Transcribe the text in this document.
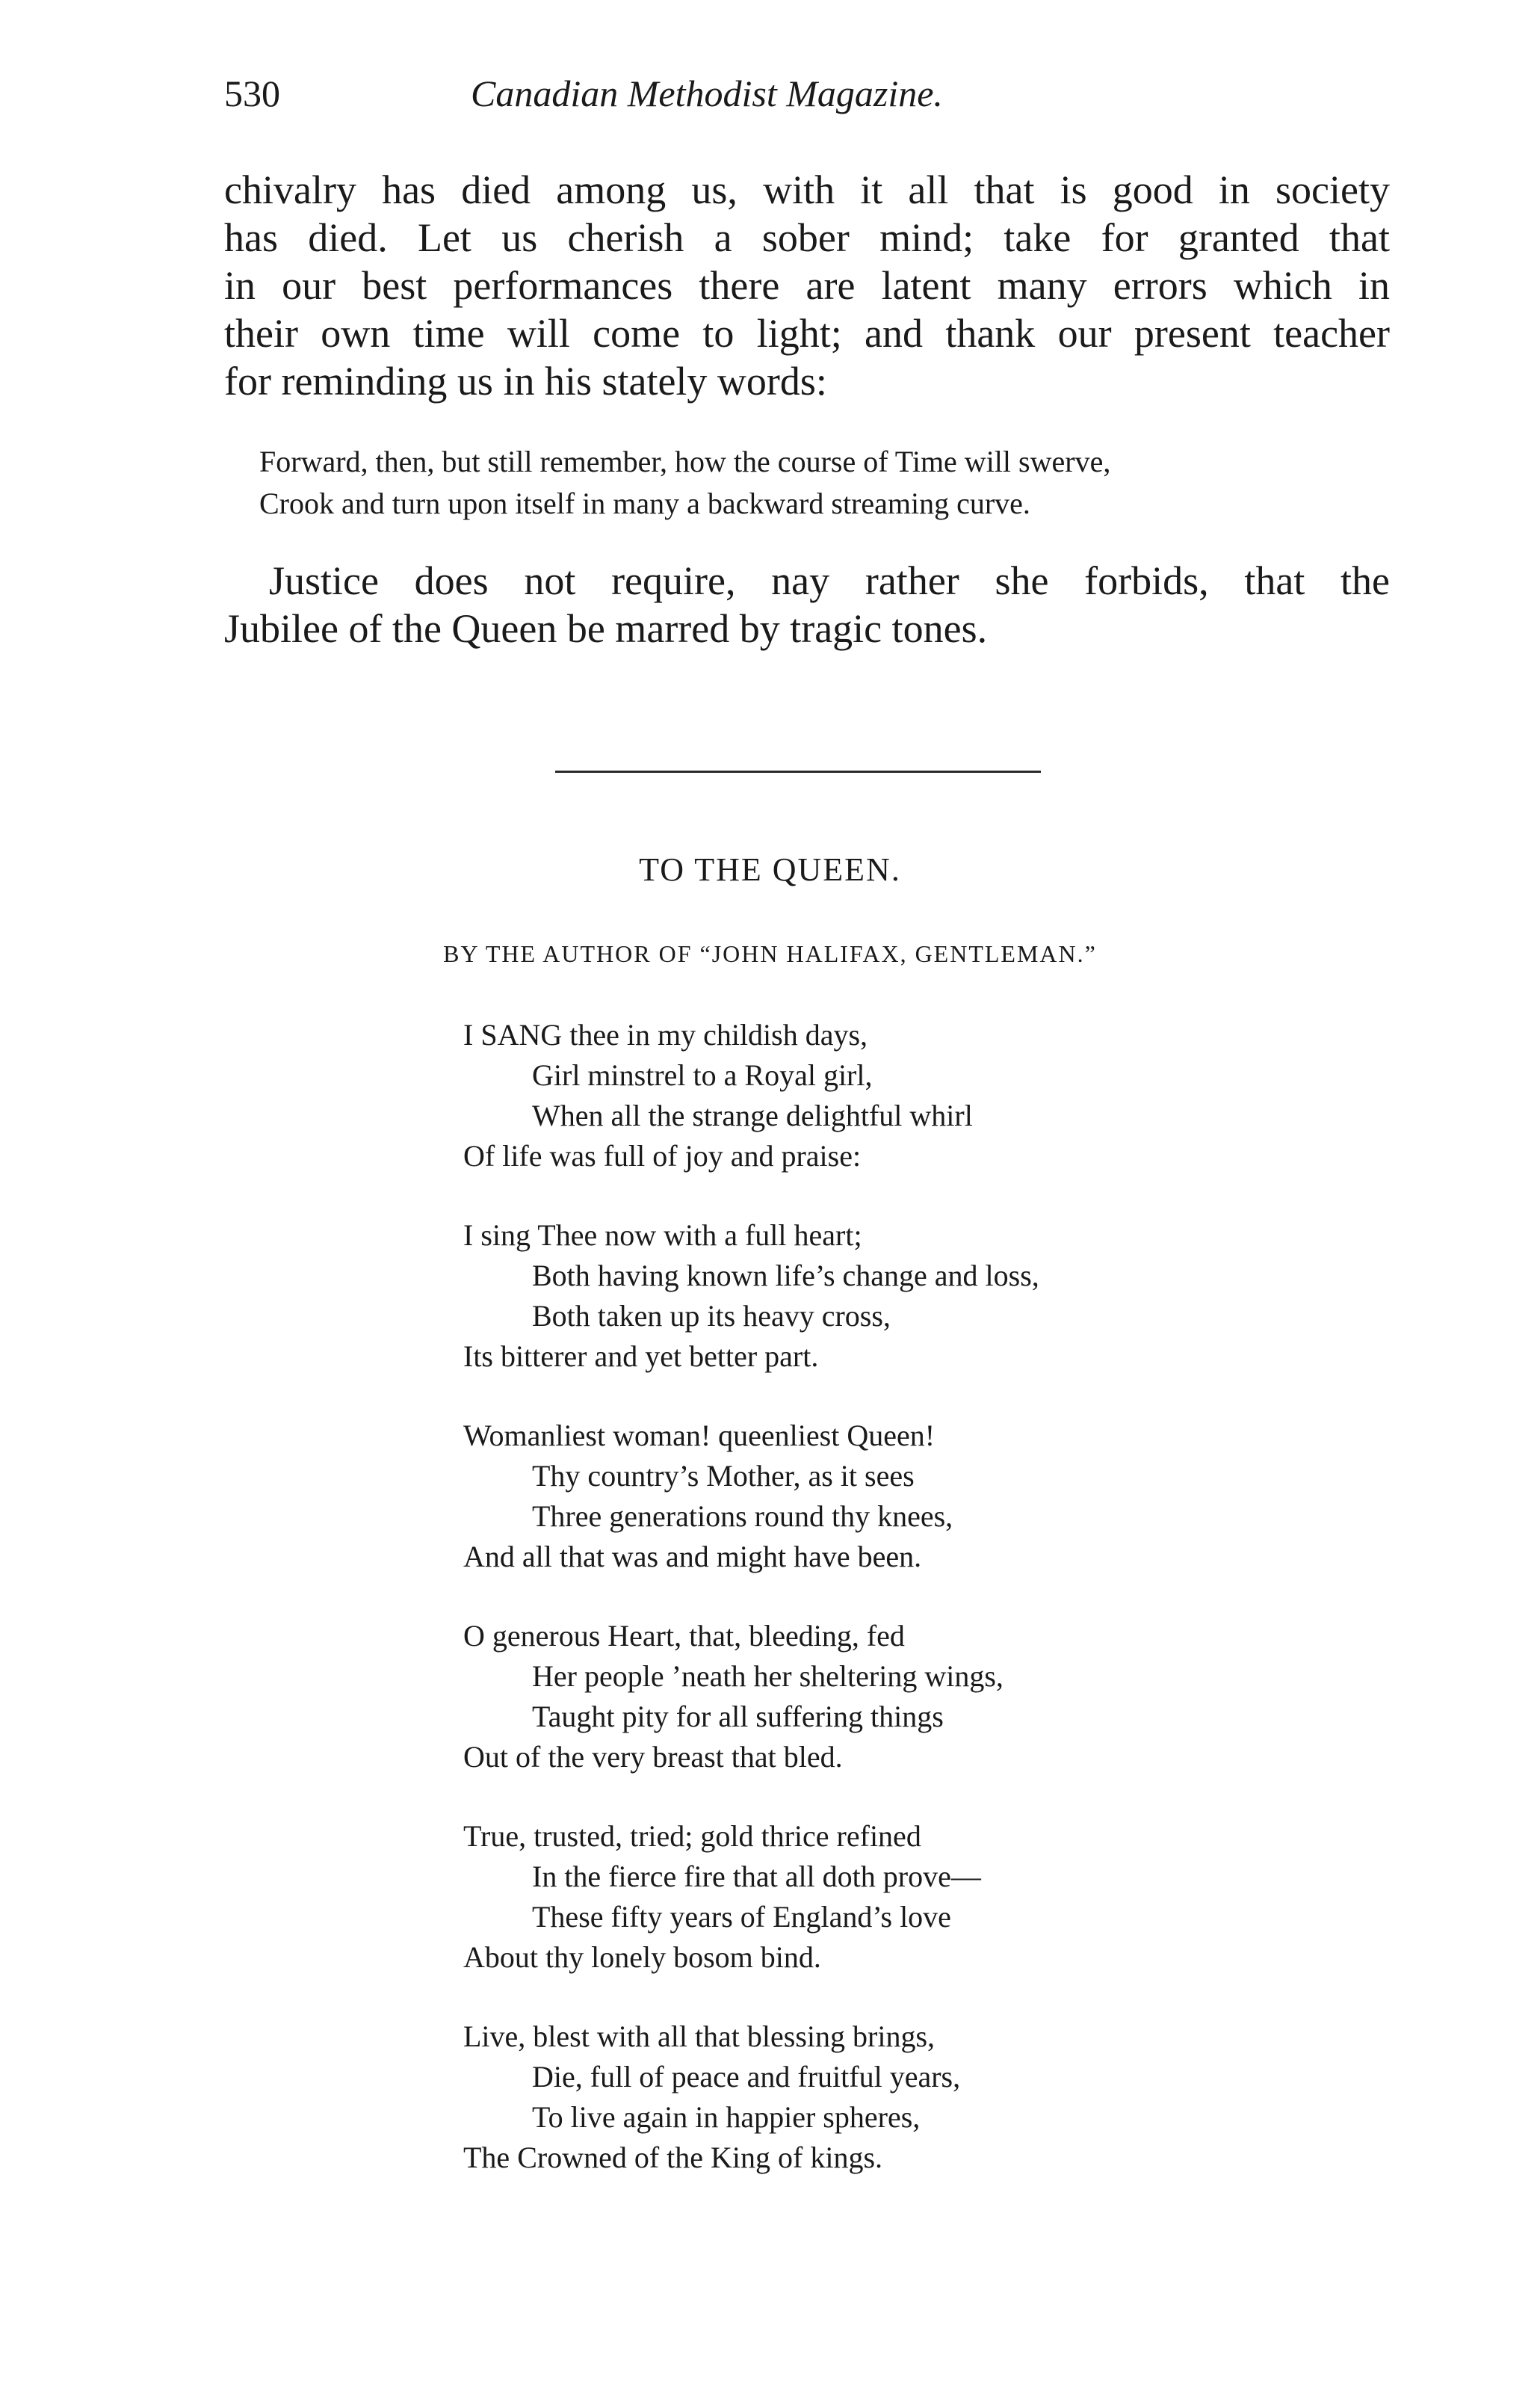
530	Canadian Methodist Magazine.
chivalry has died among us, with it all that is good in society
has died. Let us cherish a sober mind; take for granted that
in our best performances there are latent many errors which in
their own time will come to light; and thank our present teacher
for reminding us in his stately words:
Forward, then, but still remember, how the course of Time will swerve,
Crook and turn upon itself in many a backward streaming curve.
Justice does not require, nay rather she forbids, that the
Jubilee of the Queen be marred by tragic tones.
TO THE QUEEN.
BY THE AUTHOR OF “JOHN HALIFAX, GENTLEMAN.”
I SANG thee in my childish days,
Girl minstrel to a Royal girl,
When all the strange delightful whirl
Of life was full of joy and praise:
I sing Thee now with a full heart;
Both having known life’s change and loss,
Both taken up its heavy cross,
Its bitterer and yet better part.
Womanliest woman! queenliest Queen!
Thy country’s Mother, as it sees
Three generations round thy knees,
And all that was and might have been.
O generous Heart, that, bleeding, fed
Her people ’neath her sheltering wings,
Taught pity for all suffering things
Out of the very breast that bled.
True, trusted, tried; gold thrice refined
In the fierce fire that all doth prove—
These fifty years of England’s love
About thy lonely bosom bind.
Live, blest with all that blessing brings,
Die, full of peace and fruitful years,
To live again in happier spheres,
The Crowned of the King of kings.
